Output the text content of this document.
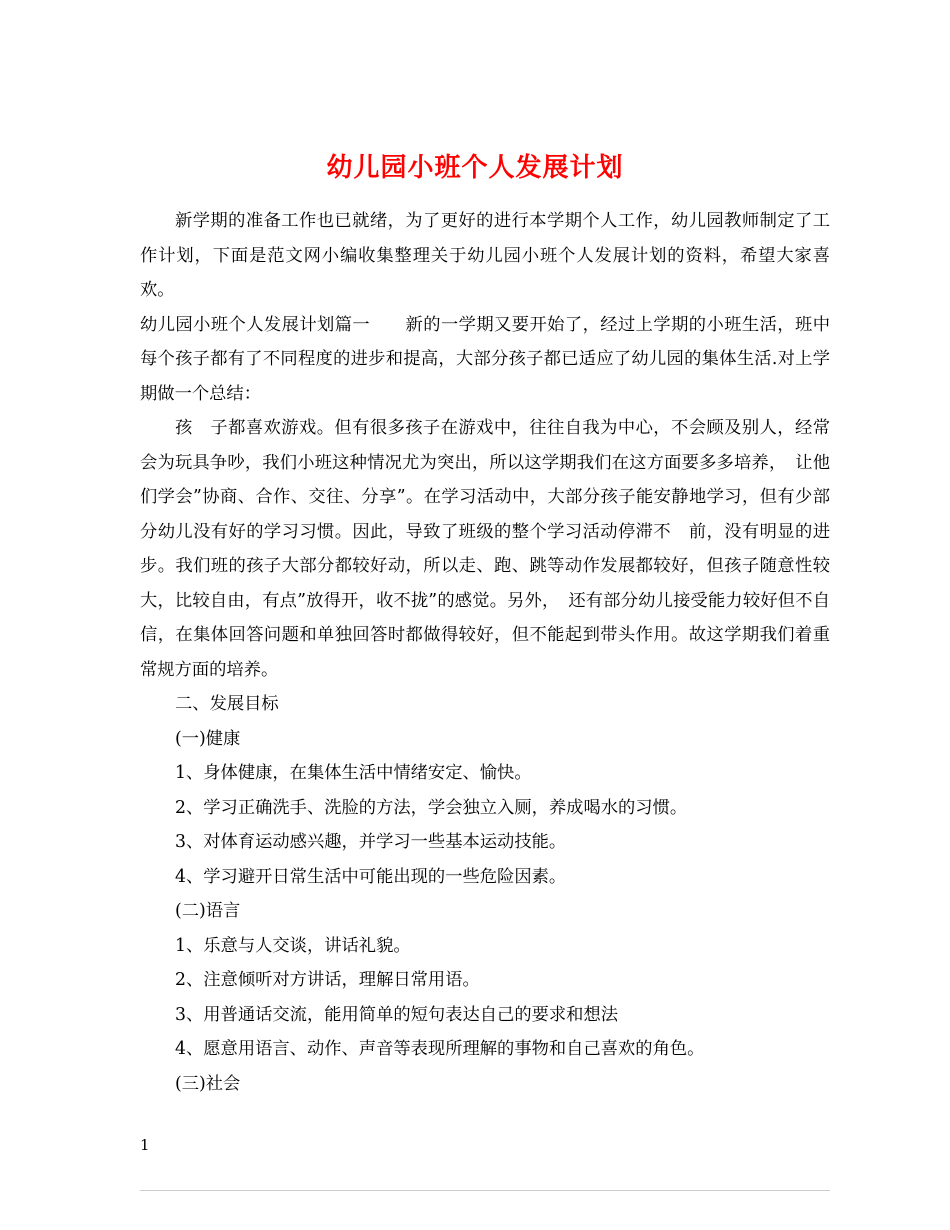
幼儿园小班个人发展计划

新学期的准备工作也已就绪，为了更好的进行本学期个人工作，幼儿园教师制定了工作计划，下面是范文网小编收集整理关于幼儿园小班个人发展计划的资料，希望大家喜欢。

幼儿园小班个人发展计划篇一　　新的一学期又要开始了，经过上学期的小班生活，班中每个孩子都有了不同程度的进步和提高，大部分孩子都已适应了幼儿园的集体生活.对上学期做一个总结：

孩　子都喜欢游戏。但有很多孩子在游戏中，往往自我为中心，不会顾及别人，经常会为玩具争吵，我们小班这种情况尤为突出，所以这学期我们在这方面要多多培养，　让他们学会”协商、合作、交往、分享”。在学习活动中，大部分孩子能安静地学习，但有少部分幼儿没有好的学习习惯。因此，导致了班级的整个学习活动停滞不　前，没有明显的进步。我们班的孩子大部分都较好动，所以走、跑、跳等动作发展都较好，但孩子随意性较大，比较自由，有点”放得开，收不拢”的感觉。另外，　还有部分幼儿接受能力较好但不自信，在集体回答问题和单独回答时都做得较好，但不能起到带头作用。故这学期我们着重常规方面的培养。

二、发展目标

(一)健康

1、身体健康，在集体生活中情绪安定、愉快。

2、学习正确洗手、洗脸的方法，学会独立入厕，养成喝水的习惯。

3、对体育运动感兴趣，并学习一些基本运动技能。

4、学习避开日常生活中可能出现的一些危险因素。

(二)语言

1、乐意与人交谈，讲话礼貌。

2、注意倾听对方讲话，理解日常用语。

3、用普通话交流，能用简单的短句表达自己的要求和想法

4、愿意用语言、动作、声音等表现所理解的事物和自己喜欢的角色。

(三)社会

1
